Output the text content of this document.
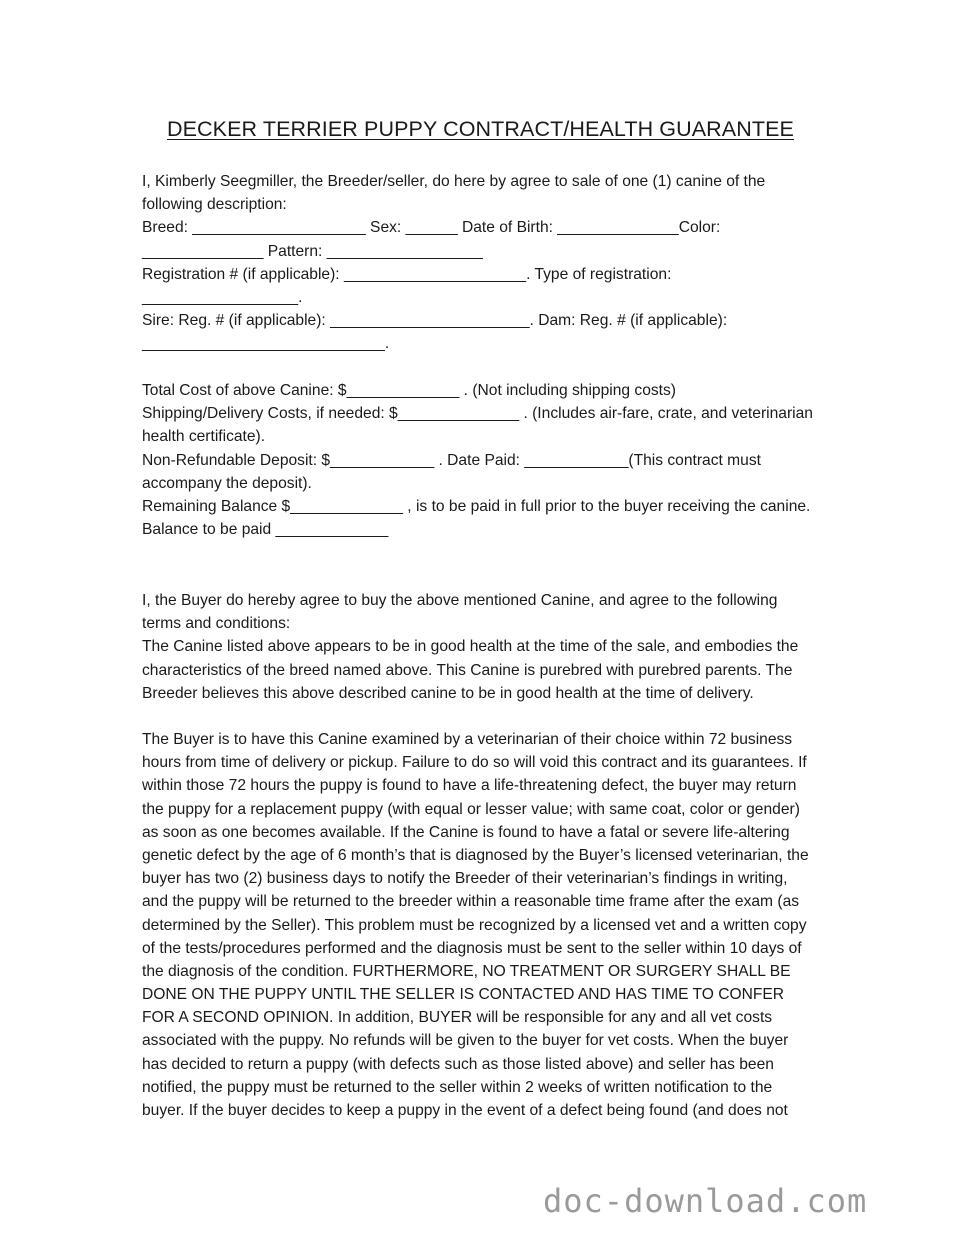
DECKER TERRIER PUPPY CONTRACT/HEALTH GUARANTEE
I, Kimberly Seegmiller, the Breeder/seller, do here by agree to sale of one (1) canine of the
following description:
Breed: ____________________ Sex: ______ Date of Birth: ______________Color:
______________ Pattern: __________________
Registration # (if applicable): _____________________. Type of registration:
__________________.
Sire: Reg. # (if applicable): _______________________. Dam: Reg. # (if applicable):
____________________________.
Total Cost of above Canine: $_____________ . (Not including shipping costs)
Shipping/Delivery Costs, if needed: $______________ . (Includes air-fare, crate, and veterinarian
health certificate).
Non-Refundable Deposit: $____________ . Date Paid: ____________(This contract must
accompany the deposit).
Remaining Balance $_____________ , is to be paid in full prior to the buyer receiving the canine.
Balance to be paid _____________
I, the Buyer do hereby agree to buy the above mentioned Canine, and agree to the following
terms and conditions:
The Canine listed above appears to be in good health at the time of the sale, and embodies the
characteristics of the breed named above. This Canine is purebred with purebred parents. The
Breeder believes this above described canine to be in good health at the time of delivery.
The Buyer is to have this Canine examined by a veterinarian of their choice within 72 business
hours from time of delivery or pickup. Failure to do so will void this contract and its guarantees. If
within those 72 hours the puppy is found to have a life-threatening defect, the buyer may return
the puppy for a replacement puppy (with equal or lesser value; with same coat, color or gender)
as soon as one becomes available. If the Canine is found to have a fatal or severe life-altering
genetic defect by the age of 6 month’s that is diagnosed by the Buyer’s licensed veterinarian, the
buyer has two (2) business days to notify the Breeder of their veterinarian’s findings in writing,
and the puppy will be returned to the breeder within a reasonable time frame after the exam (as
determined by the Seller). This problem must be recognized by a licensed vet and a written copy
of the tests/procedures performed and the diagnosis must be sent to the seller within 10 days of
the diagnosis of the condition. FURTHERMORE, NO TREATMENT OR SURGERY SHALL BE
DONE ON THE PUPPY UNTIL THE SELLER IS CONTACTED AND HAS TIME TO CONFER
FOR A SECOND OPINION. In addition, BUYER will be responsible for any and all vet costs
associated with the puppy. No refunds will be given to the buyer for vet costs. When the buyer
has decided to return a puppy (with defects such as those listed above) and seller has been
notified, the puppy must be returned to the seller within 2 weeks of written notification to the
buyer. If the buyer decides to keep a puppy in the event of a defect being found (and does not
doc-download.com
